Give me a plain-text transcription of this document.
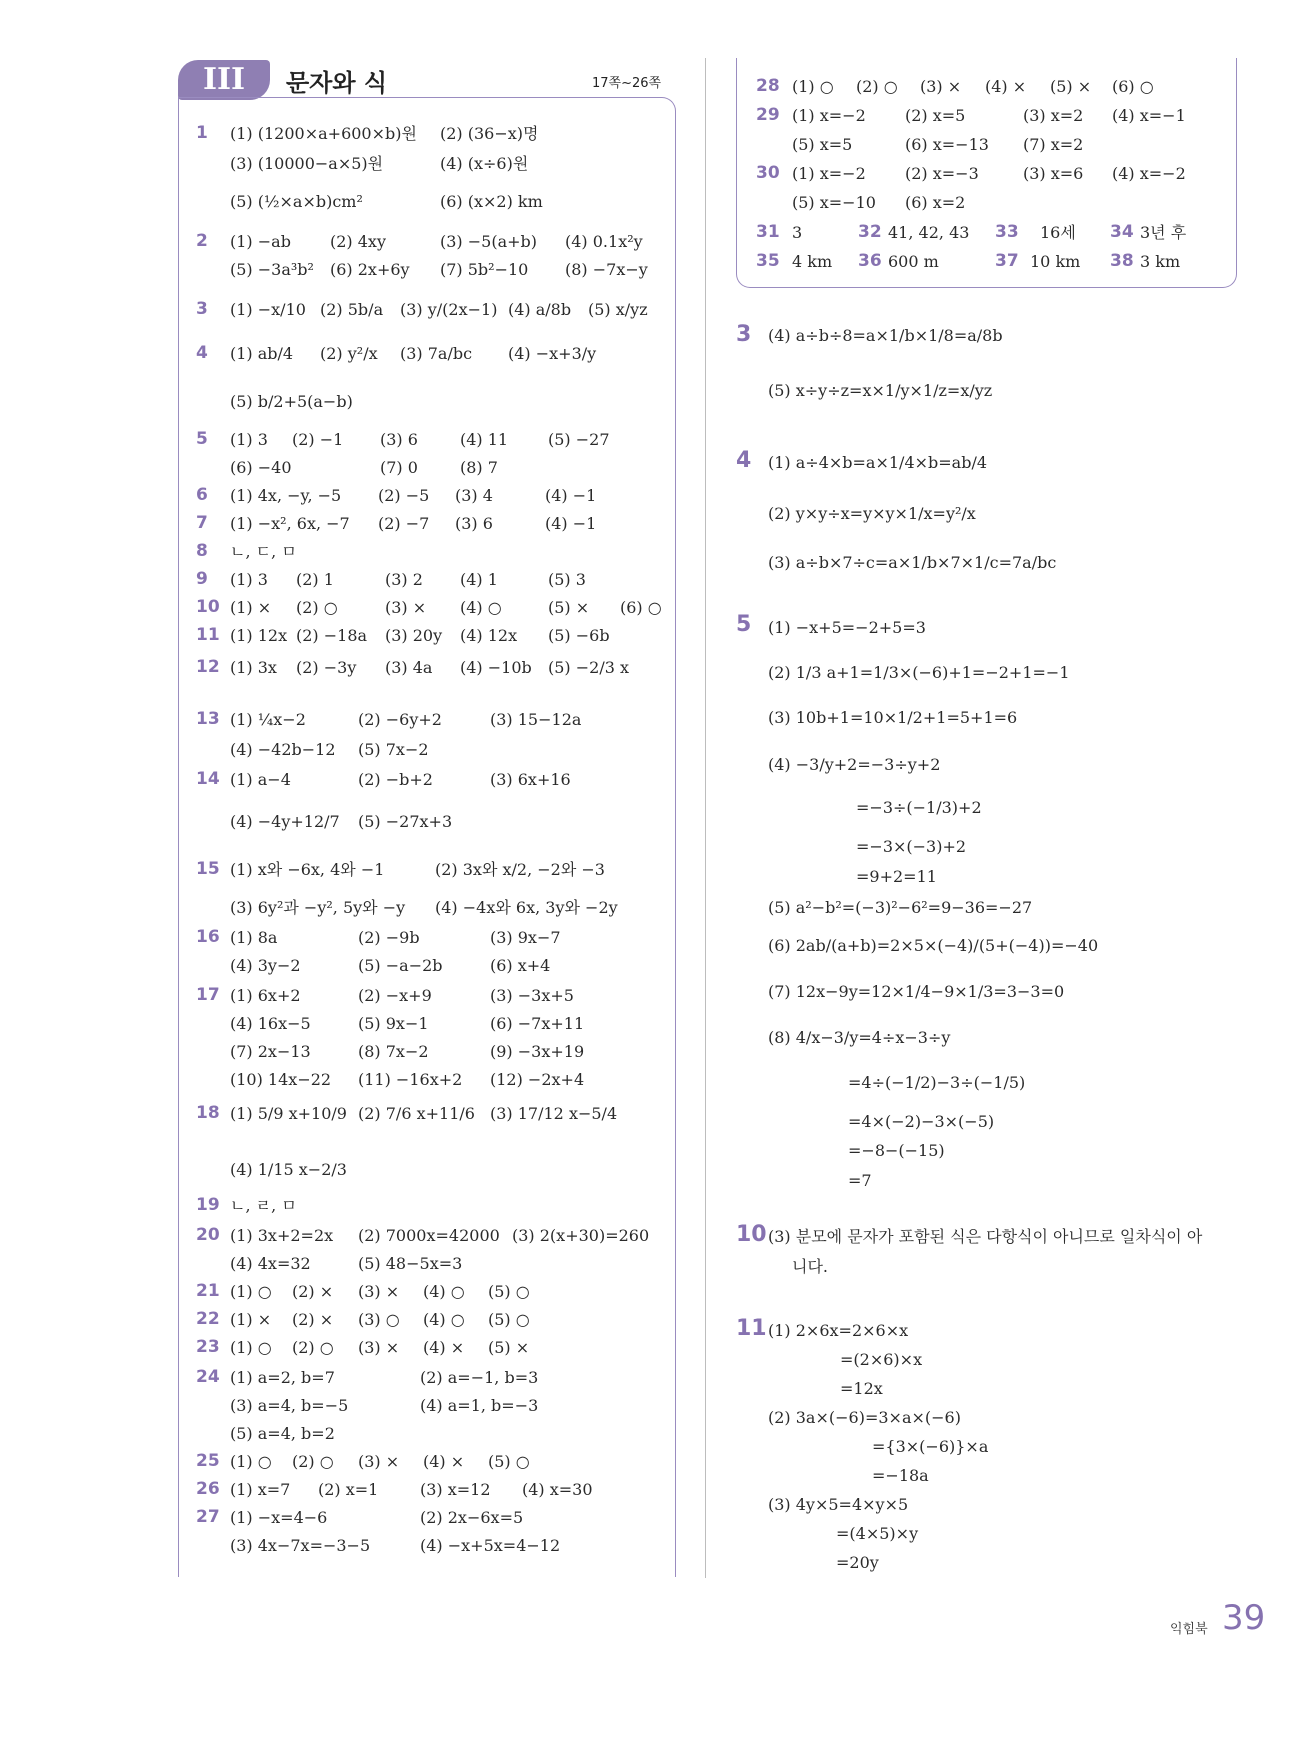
III	문자와 식	17쪽~26쪽
1 (1) (1200×a+600×b)원 (2) (36−x)명
(3) (10000−a×5)원	(4) (x÷6)원
(5) (½×a×b)cm²	(6) (x×2) km
2 (1) −ab (2) 4xy	(3) −5(a+b) (4) 0.1x²y
(5) −3a³b² (6) 2x+6y (7) 5b²−10 (8) −7x−y
3 (1) −x/10 (2) 5b/a (3) y/(2x−1) (4) a/8b (5) x/yz
4 (1) ab/4 (2) y²/x (3) 7a/bc (4) −x+3/y
(5) b/2+5(a−b)
5 (1) 3 (2) −1 (3) 6	(4) 11 (5) −27
(6) −40	(7) 0	(8) 7
6 (1) 4x, −y, −5 (2) −5 (3) 4	(4) −1
7 (1) −x², 6x, −7 (2) −7 (3) 6	(4) −1
8 ㄴ, ㄷ, ㅁ
9 (1) 3 (2) 1	(3) 2 (4) 1	(5) 3
10 (1) × (2) ○	(3) × (4) ○	(5) × (6) ○
11 (1) 12x (2) −18a (3) 20y (4) 12x (5) −6b
12 (1) 3x (2) −3y (3) 4a (4) −10b (5) −2/3 x
13 (1) ¼x−2	(2) −6y+2	(3) 15−12a
(4) −42b−12 (5) 7x−2
14 (1) a−4	(2) −b+2	(3) 6x+16
(4) −4y+12/7 (5) −27x+3
15 (1) x와 −6x, 4와 −1	(2) 3x와 x/2, −2와 −3
(3) 6y²과 −y², 5y와 −y (4) −4x와 6x, 3y와 −2y
16 (1) 8a	(2) −9b	(3) 9x−7
(4) 3y−2	(5) −a−2b	(6) x+4
17 (1) 6x+2	(2) −x+9	(3) −3x+5
(4) 16x−5	(5) 9x−1	(6) −7x+11
(7) 2x−13	(8) 7x−2	(9) −3x+19
(10) 14x−22 (11) −16x+2 (12) −2x+4
18 (1) 5/9 x+10/9 (2) 7/6 x+11/6 (3) 17/12 x−5/4
(4) 1/15 x−2/3
19 ㄴ, ㄹ, ㅁ
20 (1) 3x+2=2x (2) 7000x=42000 (3) 2(x+30)=260
(4) 4x=32	(5) 48−5x=3
21 (1) ○ (2) × (3) × (4) ○ (5) ○
22 (1) × (2) × (3) ○ (4) ○ (5) ○
23 (1) ○ (2) ○ (3) × (4) × (5) ×
24 (1) a=2, b=7	(2) a=−1, b=3
(3) a=4, b=−5	(4) a=1, b=−3
(5) a=4, b=2
25 (1) ○ (2) ○ (3) × (4) × (5) ○
26 (1) x=7 (2) x=1	(3) x=12 (4) x=30
27 (1) −x=4−6	(2) 2x−6x=5
(3) 4x−7x=−3−5	(4) −x+5x=4−12
28 (1) ○ (2) ○ (3) × (4) × (5) × (6) ○
29 (1) x=−2 (2) x=5	(3) x=2 (4) x=−1
(5) x=5	(6) x=−13 (7) x=2
30 (1) x=−2 (2) x=−3	(3) x=6 (4) x=−2
(5) x=−10 (6) x=2
31 3	32 41, 42, 43 33 16세 34 3년 후
35 4 km 36 600 m	37 10 km 38 3 km
3 (4) a÷b÷8=a×1/b×1/8=a/8b
(5) x÷y÷z=x×1/y×1/z=x/yz
4 (1) a÷4×b=a×1/4×b=ab/4
(2) y×y÷x=y×y×1/x=y²/x
(3) a÷b×7÷c=a×1/b×7×1/c=7a/bc
5 (1) −x+5=−2+5=3
(2) 1/3 a+1=1/3×(−6)+1=−2+1=−1
(3) 10b+1=10×1/2+1=5+1=6
(4) −3/y+2=−3÷y+2
=−3÷(−1/3)+2
=−3×(−3)+2
=9+2=11
(5) a²−b²=(−3)²−6²=9−36=−27
(6) 2ab/(a+b)=2×5×(−4)/(5+(−4))=−40
(7) 12x−9y=12×1/4−9×1/3=3−3=0
(8) 4/x−3/y=4÷x−3÷y
=4÷(−1/2)−3÷(−1/5)
=4×(−2)−3×(−5)
=−8−(−15)
=7
10 (3) 분모에 문자가 포함된 식은 다항식이 아니므로 일차식이 아
니다.
11 (1) 2×6x=2×6×x
=(2×6)×x
=12x
(2) 3a×(−6)=3×a×(−6)
={3×(−6)}×a
=−18a
(3) 4y×5=4×y×5
=(4×5)×y
=20y
익힘북 39
